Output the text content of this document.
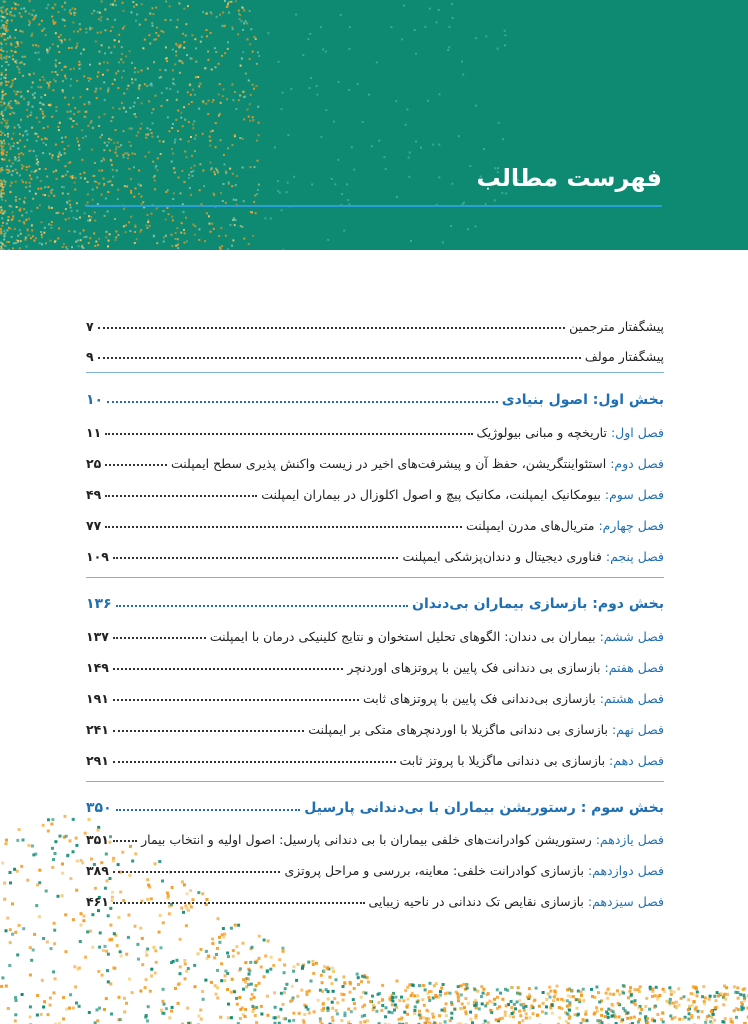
فهرست مطالب
پیشگفتار مترجمین
۷
پیشگفتار مولف
۹
بخش اول: اصول بنیادی
۱۰
فصل اول: تاریخچه و مبانی بیولوژیک
۱۱
فصل دوم: استئواینتگریشن، حفظ آن و پیشرفت‌های اخیر در زیست واکنش پذیری سطح ایمپلنت
۲۵
فصل سوم: بیومکانیک ایمپلنت، مکانیک پیچ و اصول اکلوزال در بیماران ایمپلنت
۴۹
فصل چهارم: متریال‌های مدرن ایمپلنت
۷۷
فصل پنجم: فناوری دیجیتال و دندان‌پزشکی ایمپلنت
۱۰۹
بخش دوم: بازسازی بیماران بی‌دندان
۱۳۶
فصل ششم: بیماران بی دندان: الگوهای تحلیل استخوان و نتایج کلینیکی درمان با ایمپلنت
۱۳۷
فصل هفتم: بازسازی بی دندانی فک پایین با پروتزهای اوردنچر
۱۴۹
فصل هشتم: بازسازی بی‌دندانی فک پایین با پروتزهای ثابت
۱۹۱
فصل نهم: بازسازی بی دندانی ماگزیلا با اوردنچرهای متکی بر ایمپلنت
۲۴۱
فصل دهم: بازسازی بی دندانی ماگزیلا با پروتز ثابت
۲۹۱
بخش سوم : رستوریشن بیماران با بی‌دندانی پارسیل
۳۵۰
فصل یازدهم: رستوریشن کوادرانت‌های خلفی بیماران با بی دندانی پارسیل: اصول اولیه و انتخاب بیمار
۳۵۱
فصل دوازدهم: بازسازی کوادرانت خلفی: معاینه، بررسی و مراحل پروتزی
۳۸۹
فصل سیزدهم: بازسازی نقایص تک دندانی در ناحیه زیبایی
۴۶۱
